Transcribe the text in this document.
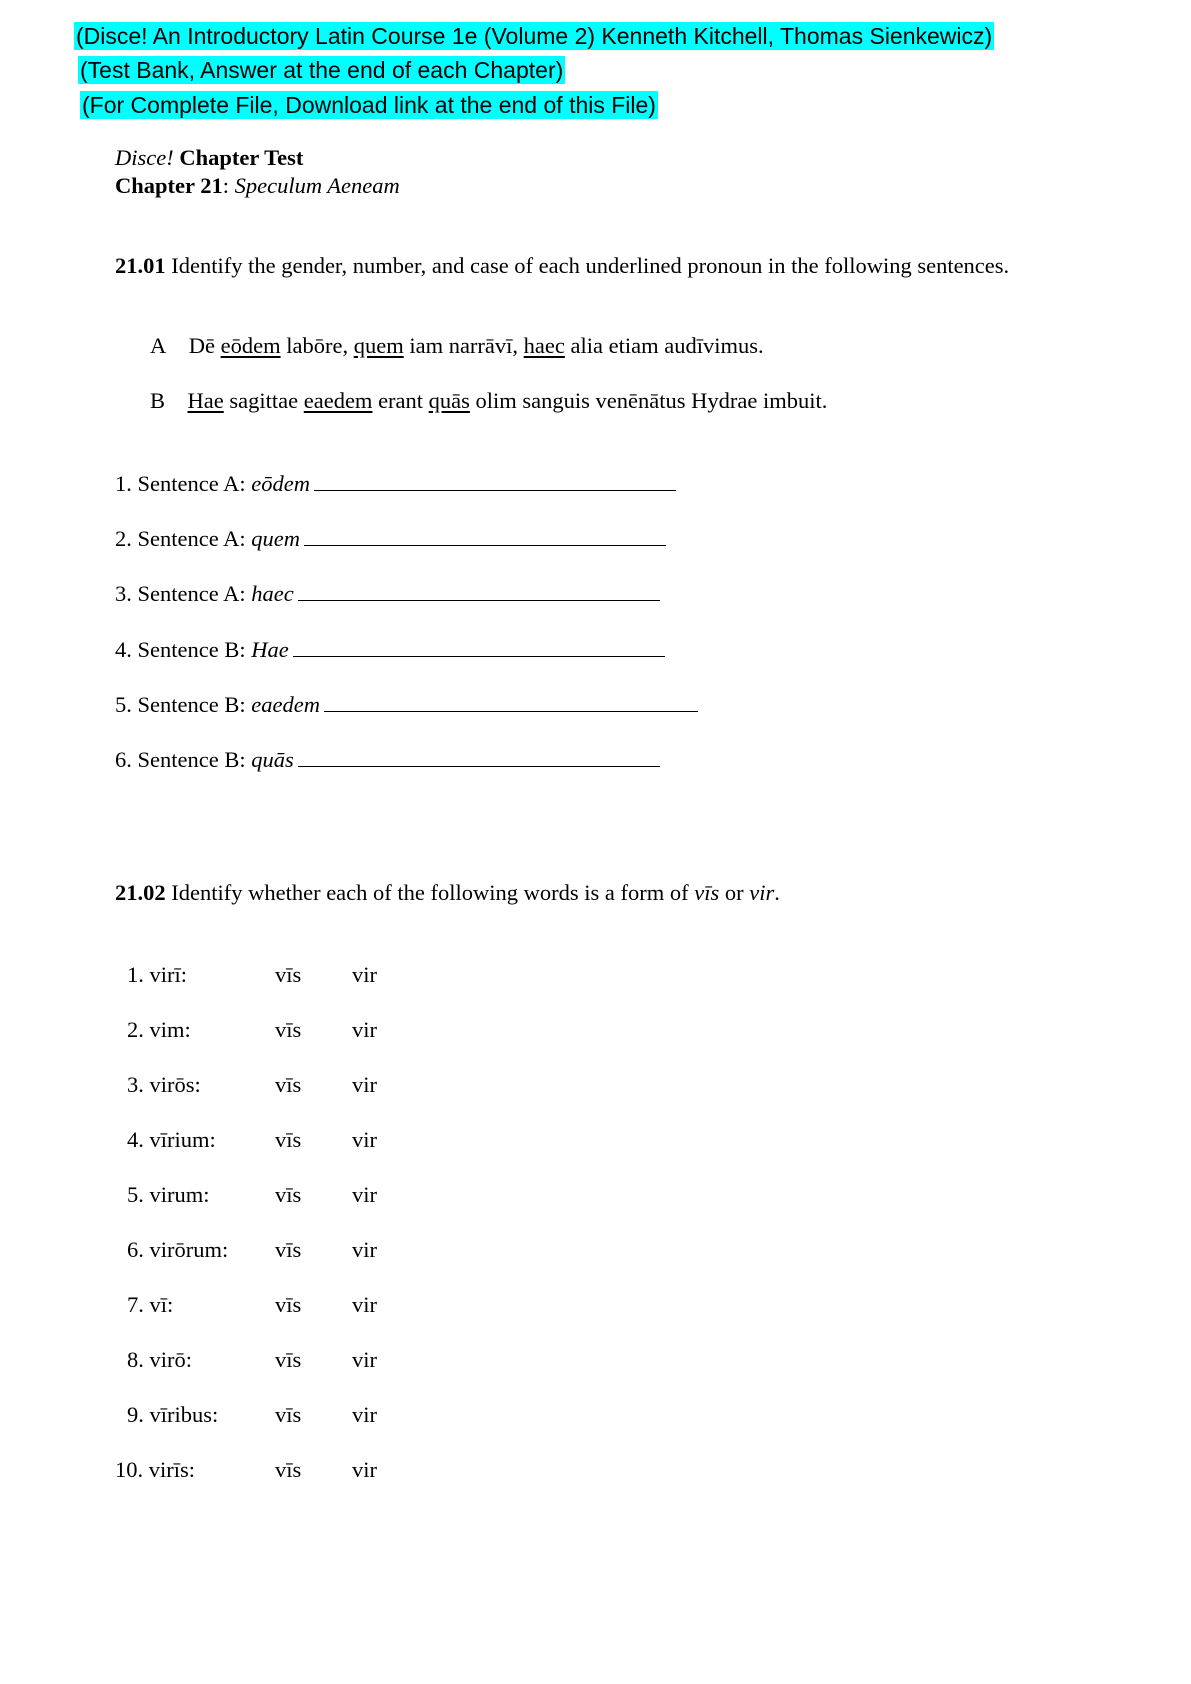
(Disce! An Introductory Latin Course 1e (Volume 2) Kenneth Kitchell, Thomas Sienkewicz)
(Test Bank, Answer at the end of each Chapter)
(For Complete File, Download link at the end of this File)
Disce! Chapter Test
Chapter 21: Speculum Aeneam
21.01 Identify the gender, number, and case of each underlined pronoun in the following sentences.
A Dē eōdem labōre, quem iam narrāvī, haec alia etiam audīvimus.
B Hae sagittae eaedem erant quās olim sanguis venēnātus Hydrae imbuit.
1. Sentence A: eōdem
2. Sentence A: quem
3. Sentence A: haec
4. Sentence B: Hae
5. Sentence B: eaedem
6. Sentence B: quās
21.02 Identify whether each of the following words is a form of vīs or vir.
1. virī:	vīs vir
2. vim:	vīs vir
3. virōs:	vīs vir
4. vīrium:	vīs vir
5. virum:	vīs vir
6. virōrum: vīs vir
7. vī:	vīs vir
8. virō:	vīs vir
9. vīribus:	vīs vir
10. virīs:	vīs vir
